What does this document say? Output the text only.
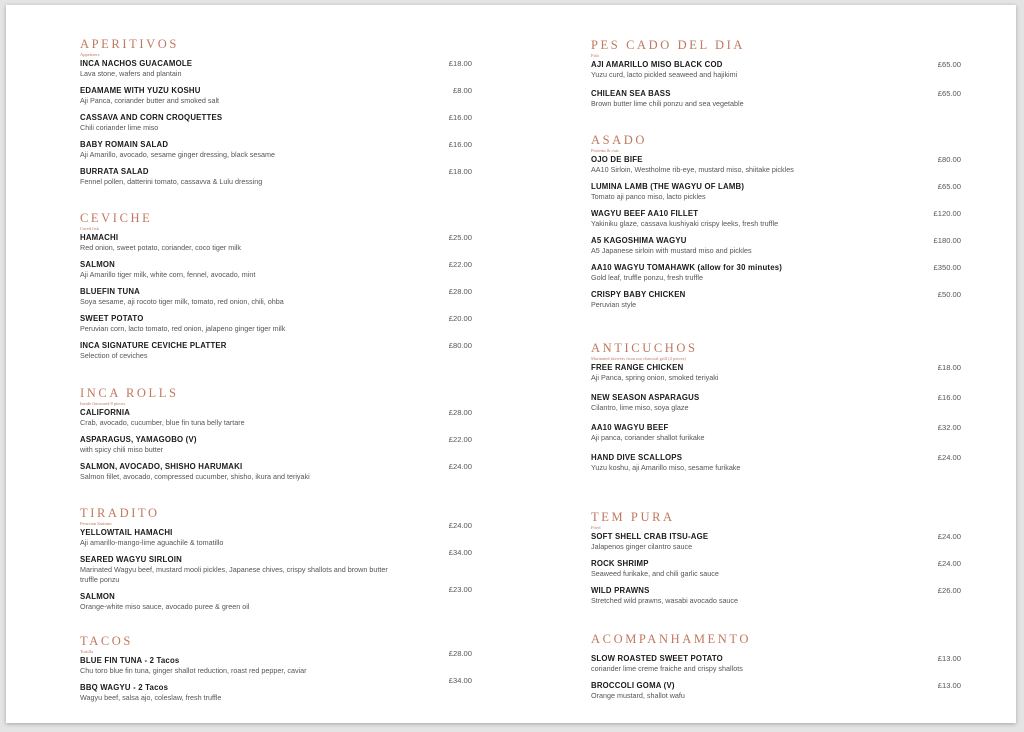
APERITIVOS
Appetizers
INCA NACHOS GUACAMOLE
Lava stone, wafers and plantain
£18.00
EDAMAME WITH YUZU KOSHU
Aji Panca, coriander butter and smoked salt
£8.00
CASSAVA AND CORN CROQUETTES
Chili coriander lime miso
£16.00
BABY ROMAIN SALAD
Aji Amarillo, avocado, sesame ginger dressing, black sesame
£16.00
BURRATA SALAD
Fennel pollen, datterini tomato, cassavva & Lulu dressing
£18.00
CEVICHE
Cured fish
HAMACHI
Red onion, sweet potato, coriander, coco tiger milk
£25.00
SALMON
Aji Amarillo tiger milk, white corn, fennel, avocado, mint
£22.00
BLUEFIN TUNA
Soya sesame, aji rocoto tiger milk, tomato, red onion, chili, ohba
£28.00
SWEET POTATO
Peruvian corn, lacto tomato, red onion, jalapeno ginger tiger milk
£20.00
INCA SIGNATURE CEVICHE PLATTER
Selection of ceviches
£80.00
INCA ROLLS
Inside flavoured 8 pieces
CALIFORNIA
Crab, avocado, cucumber, blue fin tuna belly tartare
£28.00
ASPARAGUS, YAMAGOBO (V)
with spicy chili miso butter
£22.00
SALMON, AVOCADO, SHISHO HARUMAKI
Salmon fillet, avocado, compressed cucumber, shisho, ikura and teriyaki
£24.00
TIRADITO
Peruvian Sashimi
YELLOWTAIL HAMACHI
Aji amarillo-mango-lime aguachile & tomatillo
£24.00
SEARED WAGYU SIRLOIN
Marinated Wagyu beef, mustard mooli pickles, Japanese chives, crispy shallots and brown butter truffle ponzu
£34.00
SALMON
Orange-white miso sauce, avocado puree & green oil
£23.00
TACOS
Tortilla
BLUE FIN TUNA - 2 Tacos
Chu toro blue fin tuna, ginger shallot reduction, roast red pepper, caviar
£28.00
BBQ WAGYU - 2 Tacos
Wagyu beef, salsa ajo, coleslaw, fresh truffle
£34.00
PES CADO DEL DIA
Fish
AJI AMARILLO MISO BLACK COD
Yuzu curd, lacto pickled seaweed and hajikimi
£65.00
CHILEAN SEA BASS
Brown butter lime chili ponzu and sea vegetable
£65.00
ASADO
Proteins & cuts
OJO DE BIFE
AA10 Sirloin, Westholme rib-eye, mustard miso, shiitake pickles
£80.00
LUMINA LAMB (THE WAGYU OF LAMB)
Tomato aji panco miso, lacto pickles
£65.00
WAGYU BEEF AA10 FILLET
Yakiniku glaze, cassava kushiyaki crispy leeks, fresh truffle
£120.00
A5 KAGOSHIMA WAGYU
A5 Japanese sirloin with mustard miso and pickles
£180.00
AA10 WAGYU TOMAHAWK (allow for 30 minutes)
Gold leaf, truffle ponzu, fresh truffle
£350.00
CRISPY BABY CHICKEN
Peruvian style
£50.00
ANTICUCHOS
Marinated skewers from our charcoal grill (2 pieces)
FREE RANGE CHICKEN
Aji Panca, spring onion, smoked teriyaki
£18.00
NEW SEASON ASPARAGUS
Cilantro, lime miso, soya glaze
£16.00
AA10 WAGYU BEEF
Aji panca, coriander shallot furikake
£32.00
HAND DIVE SCALLOPS
Yuzu koshu, aji Amarillo miso, sesame furikake
£24.00
TEM PURA
Fried
SOFT SHELL CRAB ITSU-AGE
Jalapenos ginger cilantro sauce
£24.00
ROCK SHRIMP
Seaweed furikake, and chili garlic sauce
£24.00
WILD PRAWNS
Stretched wild prawns, wasabi avocado sauce
£26.00
ACOMPANHAMENTO
SLOW ROASTED SWEET POTATO
coriander lime creme fraiche and crispy shallots
£13.00
BROCCOLI GOMA (V)
Orange mustard, shallot wafu
£13.00
